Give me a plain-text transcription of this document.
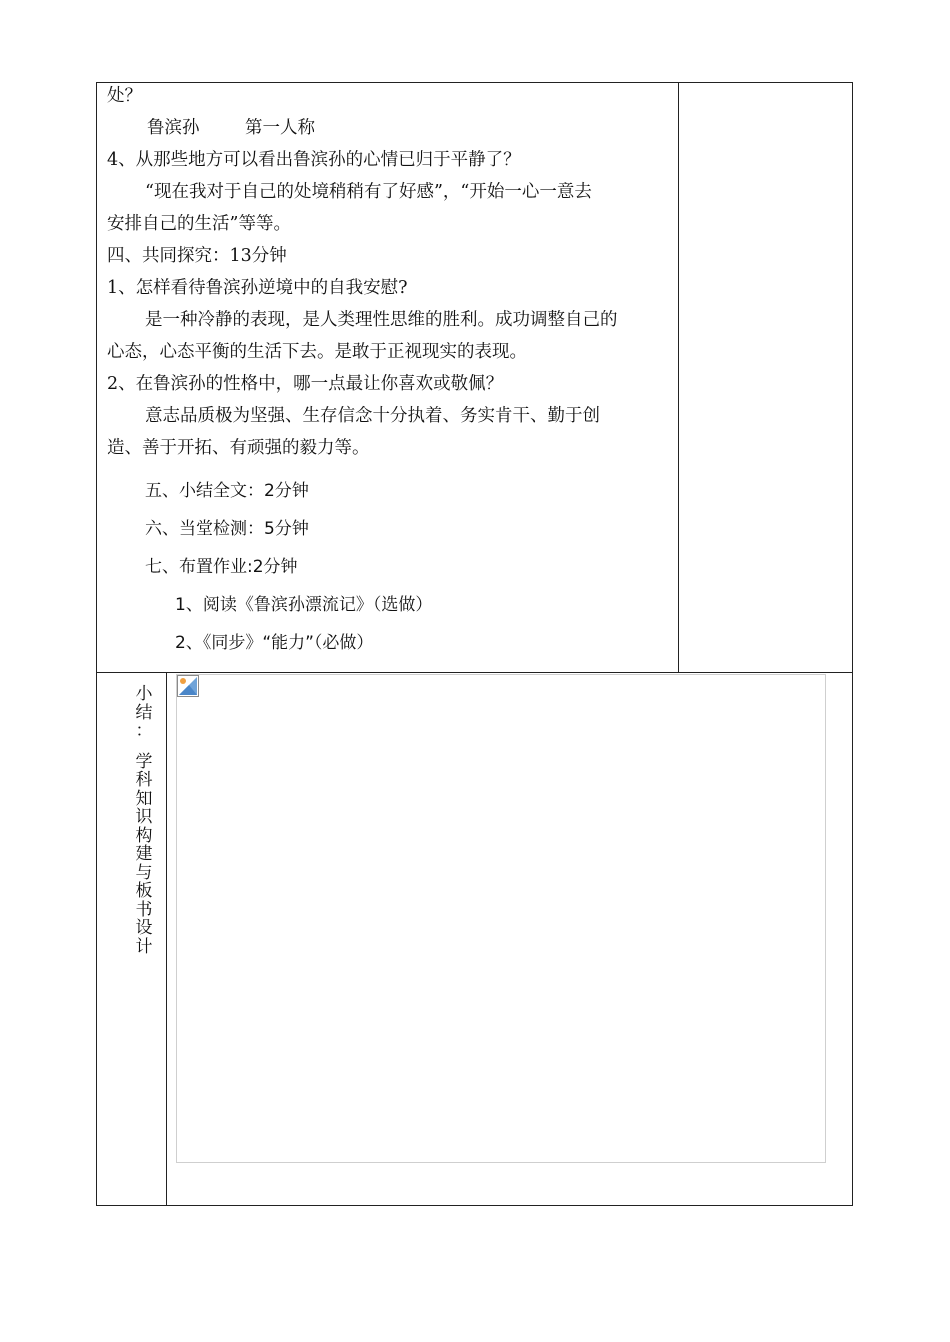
处？
鲁滨孙	第一人称
4、从那些地方可以看出鲁滨孙的心情已归于平静了？
“现在我对于自己的处境稍稍有了好感”，“开始一心一意去
安排自己的生活”等等。
四、共同探究：13分钟
1、怎样看待鲁滨孙逆境中的自我安慰?
是一种冷静的表现，是人类理性思维的胜利。成功调整自己的
心态，心态平衡的生活下去。是敢于正视现实的表现。
2、在鲁滨孙的性格中，哪一点最让你喜欢或敬佩？
意志品质极为坚强、生存信念十分执着、务实肯干、勤于创
造、善于开拓、有顽强的毅力等。
五、小结全文：2分钟
六、当堂检测：5分钟
七、布置作业:2分钟
1、阅读《鲁滨孙漂流记》（选做）
2、《同步》“能力”（必做）
小
结
：
学
科
知
识
构
建
与
板
书
设
计
